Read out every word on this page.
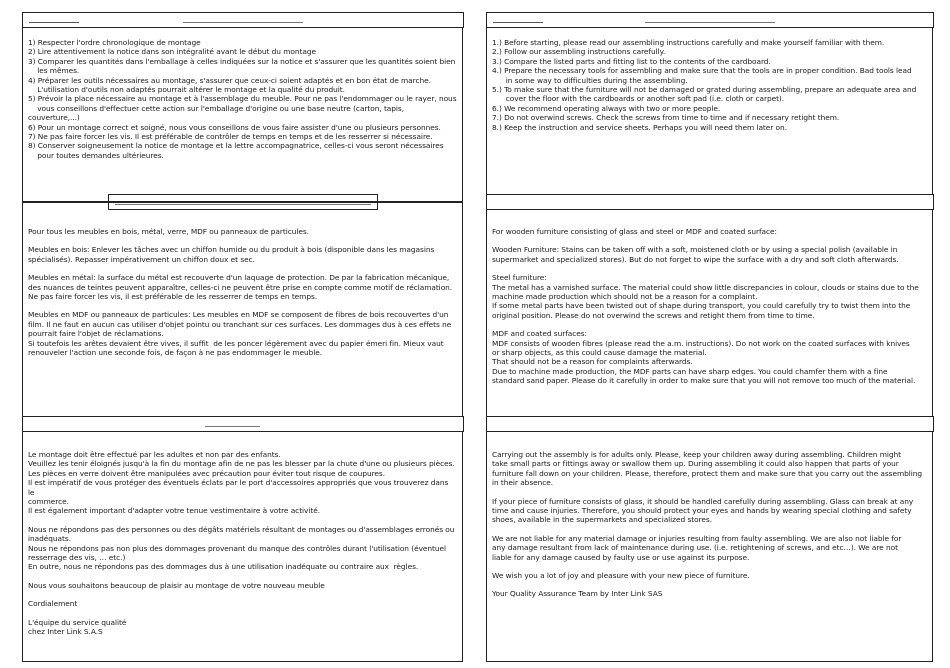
1) Respecter l'ordre chronologique de montage
2) Lire attentivement la notice dans son intégralité avant le début du montage
3) Comparer les quantités dans l'emballage à celles indiquées sur la notice et s'assurer que les quantités soient bien
les mêmes.
4) Préparer les outils nécessaires au montage, s'assurer que ceux-ci soient adaptés et en bon état de marche.
L'utilisation d'outils non adaptés pourrait altérer le montage et la qualité du produit.
5) Prévoir la place nécessaire au montage et à l'assemblage du meuble. Pour ne pas l'endommager ou le rayer, nous
vous conseillons d'effectuer cette action sur l'emballage d'origine ou une base neutre (carton, tapis, couverture,...)
6) Pour un montage correct et soigné, nous vous conseillons de vous faire assister d'une ou plusieurs personnes.
7) Ne pas faire forcer les vis. Il est préférable de contrôler de temps en temps et de les resserrer si nécessaire.
8) Conserver soigneusement la notice de montage et la lettre accompagnatrice, celles-ci vous seront nécessaires
pour toutes demandes ultérieures.
Pour tous les meubles en bois, métal, verre, MDF ou panneaux de particules.
Meubles en bois: Enlever les tâches avec un chiffon humide ou du produit à bois (disponible dans les magasins
spécialisés). Repasser impérativement un chiffon doux et sec.
Meubles en métal: la surface du métal est recouverte d'un laquage de protection. De par la fabrication mécanique,
des nuances de teintes peuvent apparaître, celles-ci ne peuvent être prise en compte comme motif de réclamation.
Ne pas faire forcer les vis, il est préférable de les resserrer de temps en temps.
Meubles en MDF ou panneaux de particules: Les meubles en MDF se composent de fibres de bois recouvertes d'un
film. Il ne faut en aucun cas utiliser d'objet pointu ou tranchant sur ces surfaces. Les dommages dus à ces effets ne
pourrait faire l'objet de réclamations.
Si toutefois les arêtes devaient être vives, il suffit  de les poncer légèrement avec du papier émeri fin. Mieux vaut
renouveler l'action une seconde fois, de façon à ne pas endommager le meuble.
Le montage doit être effectué par les adultes et non par des enfants.
Veuillez les tenir éloignés jusqu'à la fin du montage afin de ne pas les blesser par la chute d'une ou plusieurs pièces.
Les pièces en verre doivent être manipulées avec précaution pour éviter tout risque de coupures.
Il est impératif de vous protéger des éventuels éclats par le port d'accessoires appropriés que vous trouverez dans le
commerce.
Il est également important d'adapter votre tenue vestimentaire à votre activité.
Nous ne répondons pas des personnes ou des dégâts matériels résultant de montages ou d'assemblages erronés ou
inadéquats.
Nous ne répondons pas non plus des dommages provenant du manque des contrôles durant l'utilisation (éventuel
resserrage des vis, … etc.)
En outre, nous ne répondons pas des dommages dus à une utilisation inadéquate ou contraire aux  règles.
Nous vous souhaitons beaucoup de plaisir au montage de votre nouveau meuble
Cordialement
L'équipe du service qualité
chez Inter Link S.A.S
1.) Before starting, please read our assembling instructions carefully and make yourself familiar with them.
2.) Follow our assembling instructions carefully.
3.) Compare the listed parts and fitting list to the contents of the cardboard.
4.) Prepare the necessary tools for assembling and make sure that the tools are in proper condition. Bad tools lead
in some way to difficulties during the assembling.
5.) To make sure that the furniture will not be damaged or grated during assembling, prepare an adequate area and
cover the floor with the cardboards or another soft pad (i.e. cloth or carpet).
6.) We recommend operating always with two or more people.
7.) Do not overwind screws. Check the screws from time to time and if necessary retight them.
8.) Keep the instruction and service sheets. Perhaps you will need them later on.
For wooden furniture consisting of glass and steel or MDF and coated surface:
Wooden Furniture: Stains can be taken off with a soft, moistened cloth or by using a special polish (available in
supermarket and specialized stores). But do not forget to wipe the surface with a dry and soft cloth afterwards.
Steel furniture:
The metal has a varnished surface. The material could show little discrepancies in colour, clouds or stains due to the
machine made production which should not be a reason for a complaint.
If some metal parts have been twisted out of shape during transport, you could carefully try to twist them into the
original position. Please do not overwind the screws and retight them from time to time.
MDF and coated surfaces:
MDF consists of wooden fibres (please read the a.m. instructions). Do not work on the coated surfaces with knives
or sharp objects, as this could cause damage the material.
That should not be a reason for complaints afterwards.
Due to machine made production, the MDF parts can have sharp edges. You could chamfer them with a fine
standard sand paper. Please do it carefully in order to make sure that you will not remove too much of the material.
Carrying out the assembly is for adults only. Please, keep your children away during assembling. Children might
take small parts or fittings away or swallow them up. During assembling it could also happen that parts of your
furniture fall down on your children. Please, therefore, protect them and make sure that you carry out the assembling
in their absence.
If your piece of furniture consists of glass, it should be handled carefully during assembling. Glass can break at any
time and cause injuries. Therefore, you should protect your eyes and hands by wearing special clothing and safety
shoes, available in the supermarkets and specialized stores.
We are not liable for any material damage or injuries resulting from faulty assembling. We are also not liable for
any damage resultant from lack of maintenance during use. (i.e. retightening of screws, and etc…). We are not
liable for any damage caused by faulty use or use against its purpose.
We wish you a lot of joy and pleasure with your new piece of furniture.
Your Quality Assurance Team by Inter Link SAS
